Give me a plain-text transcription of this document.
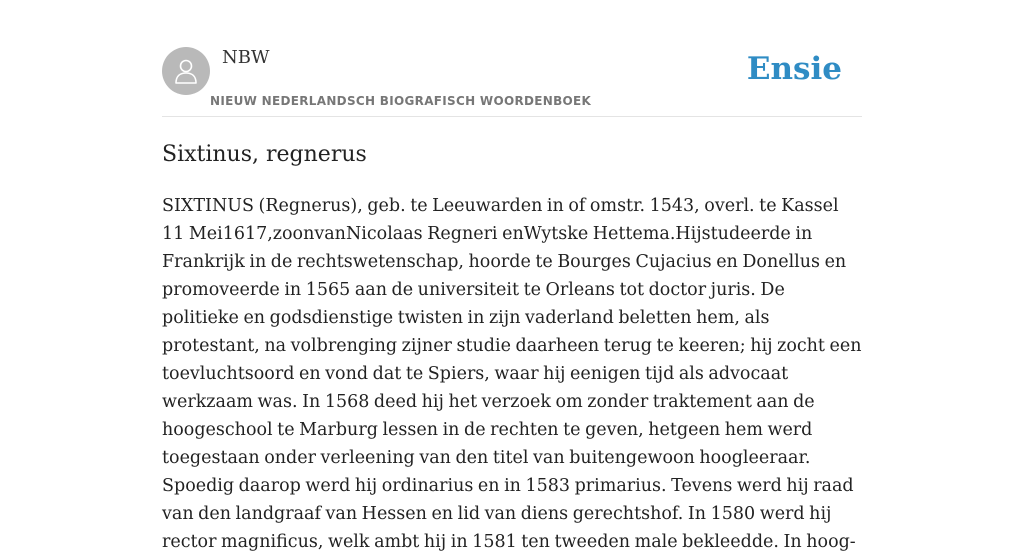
NBW
NIEUW NEDERLANDSCH BIOGRAFISCH WOORDENBOEK
Ensie
Sixtinus, regnerus

SIXTINUS (Regnerus), geb. te Leeuwarden in of omstr. 1543, overl. te Kassel 11 Mei1617,zoonvanNicolaas Regneri enWytske Hettema.Hijstudeerde in Frankrijk in de rechtswetenschap, hoorde te Bourges Cujacius en Donellus en promoveerde in 1565 aan de universiteit te Orleans tot doctor juris. De politieke en godsdienstige twisten in zijn vaderland beletten hem, als protestant, na volbrenging zijner studie daarheen terug te keeren; hij zocht een toevluchtsoord en vond dat te Spiers, waar hij eenigen tijd als advocaat werkzaam was. In 1568 deed hij het verzoek om zonder traktement aan de hoogeschool te Marburg lessen in de rechten te geven, hetgeen hem werd toegestaan onder verleening van den titel van buitengewoon hoogleeraar. Spoedig daarop werd hij ordinarius en in 1583 primarius. Tevens werd hij raad van den landgraaf van Hessen en lid van diens gerechtshof. In 1580 werd hij rector magnificus, welk ambt hij in 1581 ten tweeden male bekleedde. In hoog-
